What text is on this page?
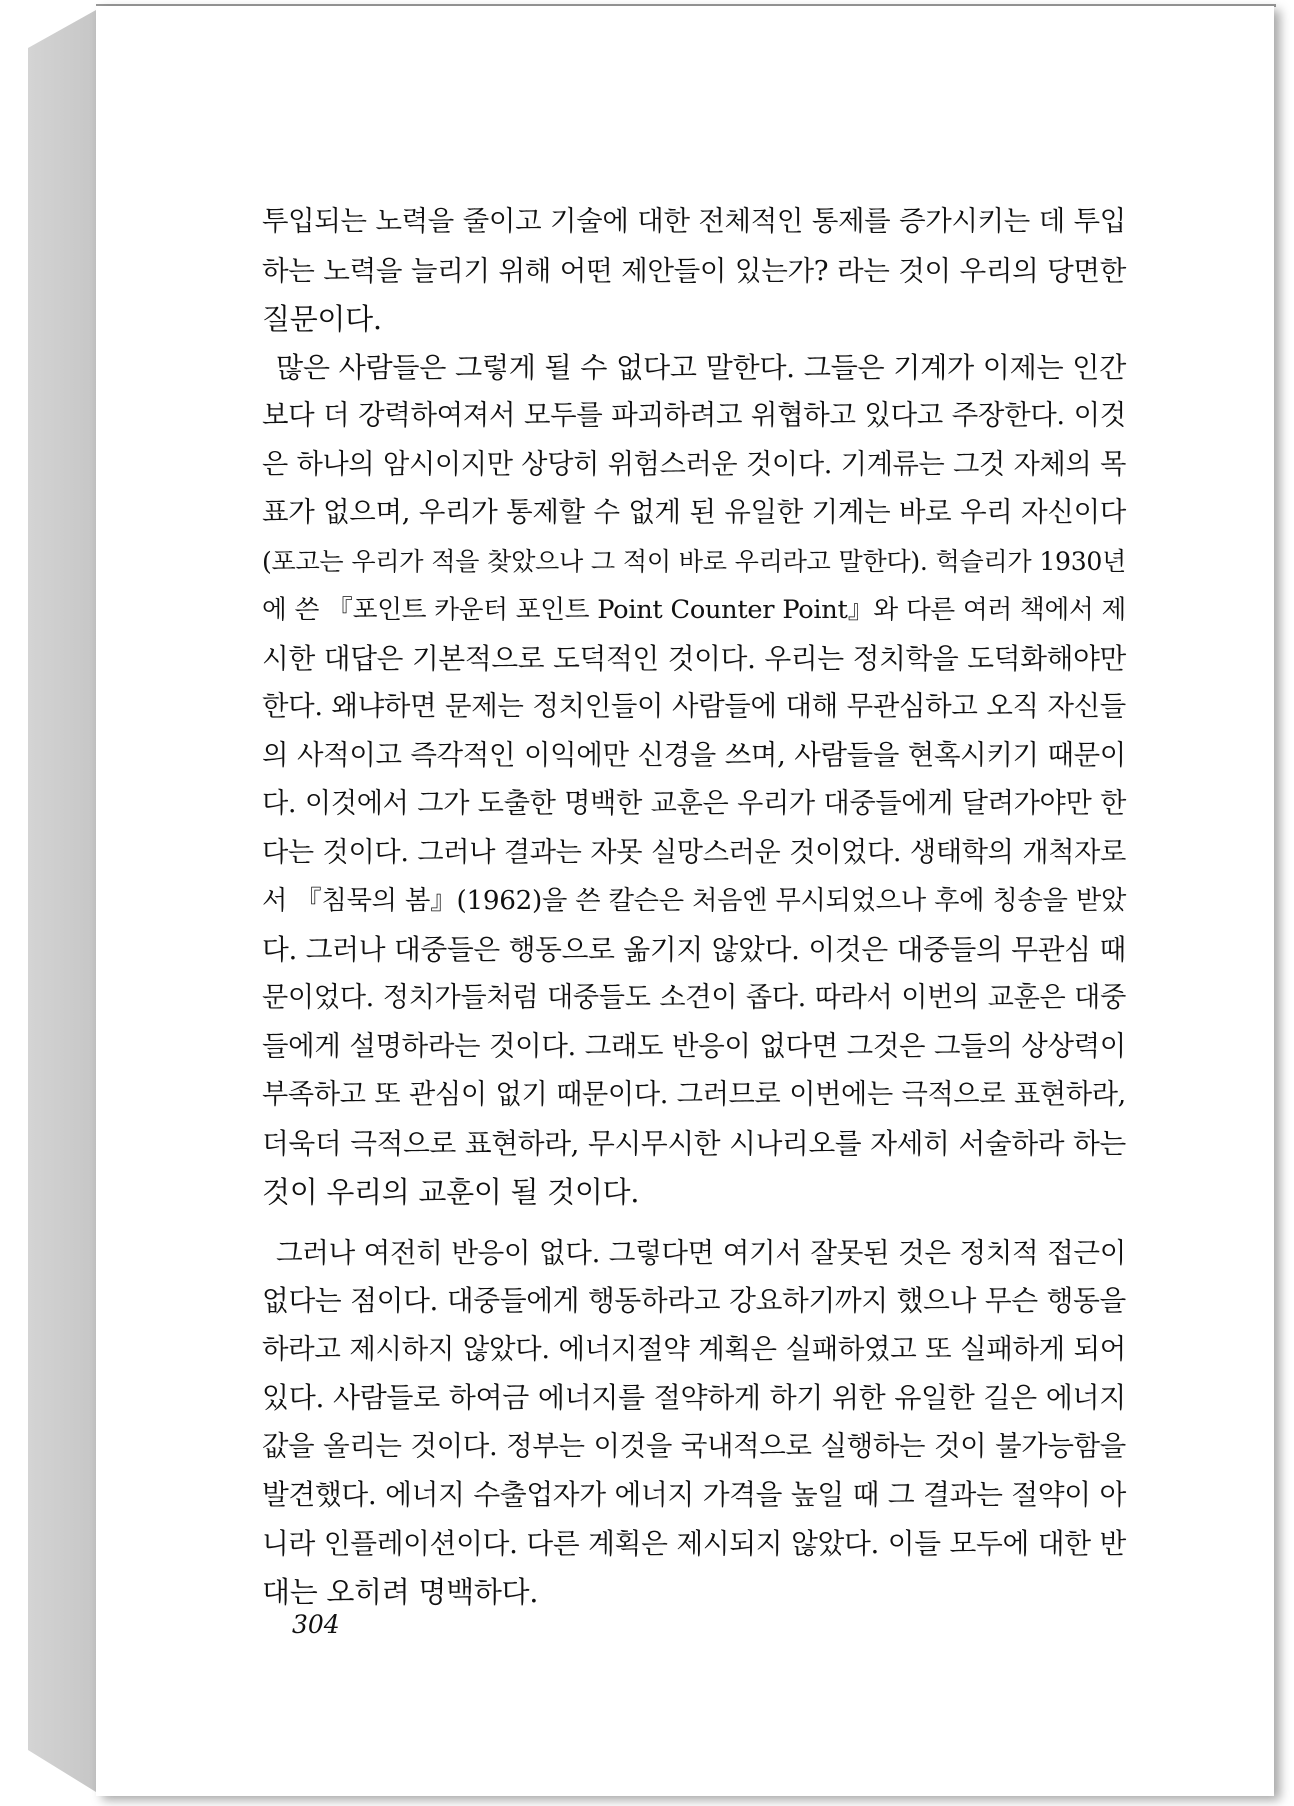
투입되는 노력을 줄이고 기술에 대한 전체적인 통제를 증가시키는 데 투입
하는 노력을 늘리기 위해 어떤 제안들이 있는가? 라는 것이 우리의 당면한
질문이다.

많은 사람들은 그렇게 될 수 없다고 말한다. 그들은 기계가 이제는 인간
보다 더 강력하여져서 모두를 파괴하려고 위협하고 있다고 주장한다. 이것
은 하나의 암시이지만 상당히 위험스러운 것이다. 기계류는 그것 자체의 목
표가 없으며, 우리가 통제할 수 없게 된 유일한 기계는 바로 우리 자신이다
(포고는 우리가 적을 찾았으나 그 적이 바로 우리라고 말한다). 헉슬리가 1930년
에 쓴 『포인트 카운터 포인트 Point Counter Point』와 다른 여러 책에서 제
시한 대답은 기본적으로 도덕적인 것이다. 우리는 정치학을 도덕화해야만
한다. 왜냐하면 문제는 정치인들이 사람들에 대해 무관심하고 오직 자신들
의 사적이고 즉각적인 이익에만 신경을 쓰며, 사람들을 현혹시키기 때문이
다. 이것에서 그가 도출한 명백한 교훈은 우리가 대중들에게 달려가야만 한
다는 것이다. 그러나 결과는 자못 실망스러운 것이었다. 생태학의 개척자로
서 『침묵의 봄』(1962)을 쓴 칼슨은 처음엔 무시되었으나 후에 칭송을 받았
다. 그러나 대중들은 행동으로 옮기지 않았다. 이것은 대중들의 무관심 때
문이었다. 정치가들처럼 대중들도 소견이 좁다. 따라서 이번의 교훈은 대중
들에게 설명하라는 것이다. 그래도 반응이 없다면 그것은 그들의 상상력이
부족하고 또 관심이 없기 때문이다. 그러므로 이번에는 극적으로 표현하라,
더욱더 극적으로 표현하라, 무시무시한 시나리오를 자세히 서술하라 하는
것이 우리의 교훈이 될 것이다.

그러나 여전히 반응이 없다. 그렇다면 여기서 잘못된 것은 정치적 접근이
없다는 점이다. 대중들에게 행동하라고 강요하기까지 했으나 무슨 행동을
하라고 제시하지 않았다. 에너지절약 계획은 실패하였고 또 실패하게 되어
있다. 사람들로 하여금 에너지를 절약하게 하기 위한 유일한 길은 에너지
값을 올리는 것이다. 정부는 이것을 국내적으로 실행하는 것이 불가능함을
발견했다. 에너지 수출업자가 에너지 가격을 높일 때 그 결과는 절약이 아
니라 인플레이션이다. 다른 계획은 제시되지 않았다. 이들 모두에 대한 반
대는 오히려 명백하다.

304
